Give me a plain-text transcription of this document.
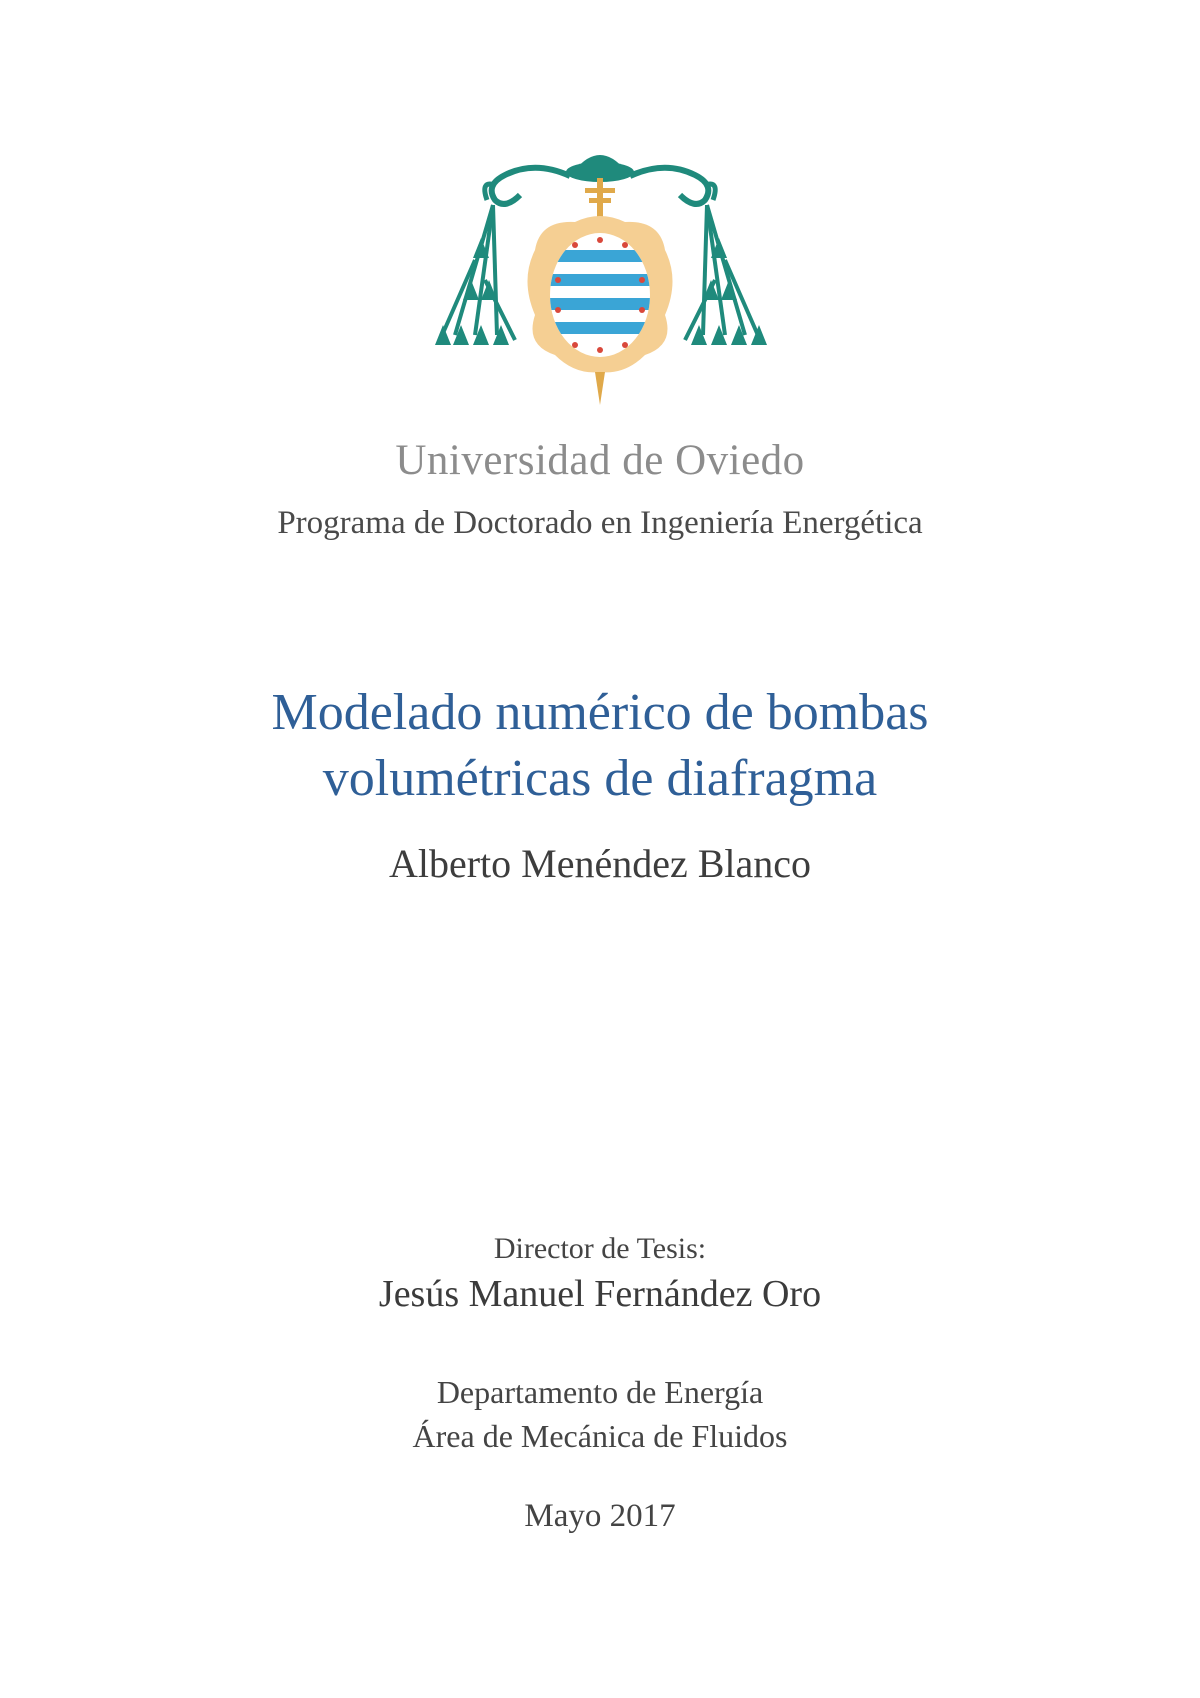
Universidad de Oviedo
Programa de Doctorado en Ingeniería Energética
Modelado numérico de bombas
volumétricas de diafragma
Alberto Menéndez Blanco
Director de Tesis:
Jesús Manuel Fernández Oro
Departamento de Energía
Área de Mecánica de Fluidos
Mayo 2017
